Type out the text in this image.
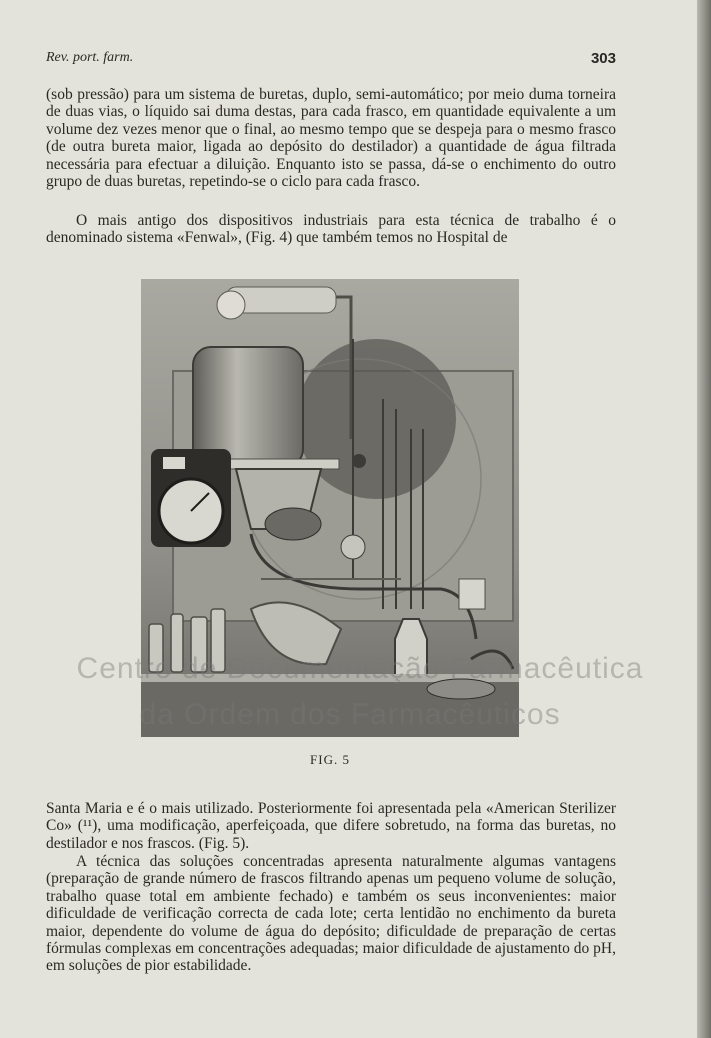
Rev. port. farm.	303

(sob pressão) para um sistema de buretas, duplo, semi-automático; por meio duma torneira de duas vias, o líquido sai duma destas, para cada frasco, em quantidade equivalente a um volume dez vezes menor que o final, ao mesmo tempo que se despeja para o mesmo frasco (de outra bureta maior, ligada ao depósito do destilador) a quantidade de água filtrada necessária para efectuar a diluição. Enquanto isto se passa, dá-se o enchimento do outro grupo de duas buretas, repetindo-se o ciclo para cada frasco.

O mais antigo dos dispositivos industriais para esta técnica de trabalho é o denominado sistema «Fenwal», (Fig. 4) que também temos no Hospital de

FIG. 5

Santa Maria e é o mais utilizado. Posteriormente foi apresentada pela «American Sterilizer Co» (¹¹), uma modificação, aperfeiçoada, que difere sobretudo, na forma das buretas, no destilador e nos frascos. (Fig. 5).

A técnica das soluções concentradas apresenta naturalmente algumas vantagens (preparação de grande número de frascos filtrando apenas um pequeno volume de solução, trabalho quase total em ambiente fechado) e também os seus inconvenientes: maior dificuldade de verificação correcta de cada lote; certa lentidão no enchimento da bureta maior, dependente do volume de água do depósito; dificuldade de preparação de certas fórmulas complexas em concentrações adequadas; maior dificuldade de ajustamento do pH, em soluções de pior estabilidade.

Centro de Documentação Farmacêutica
da Ordem dos Farmacêuticos
